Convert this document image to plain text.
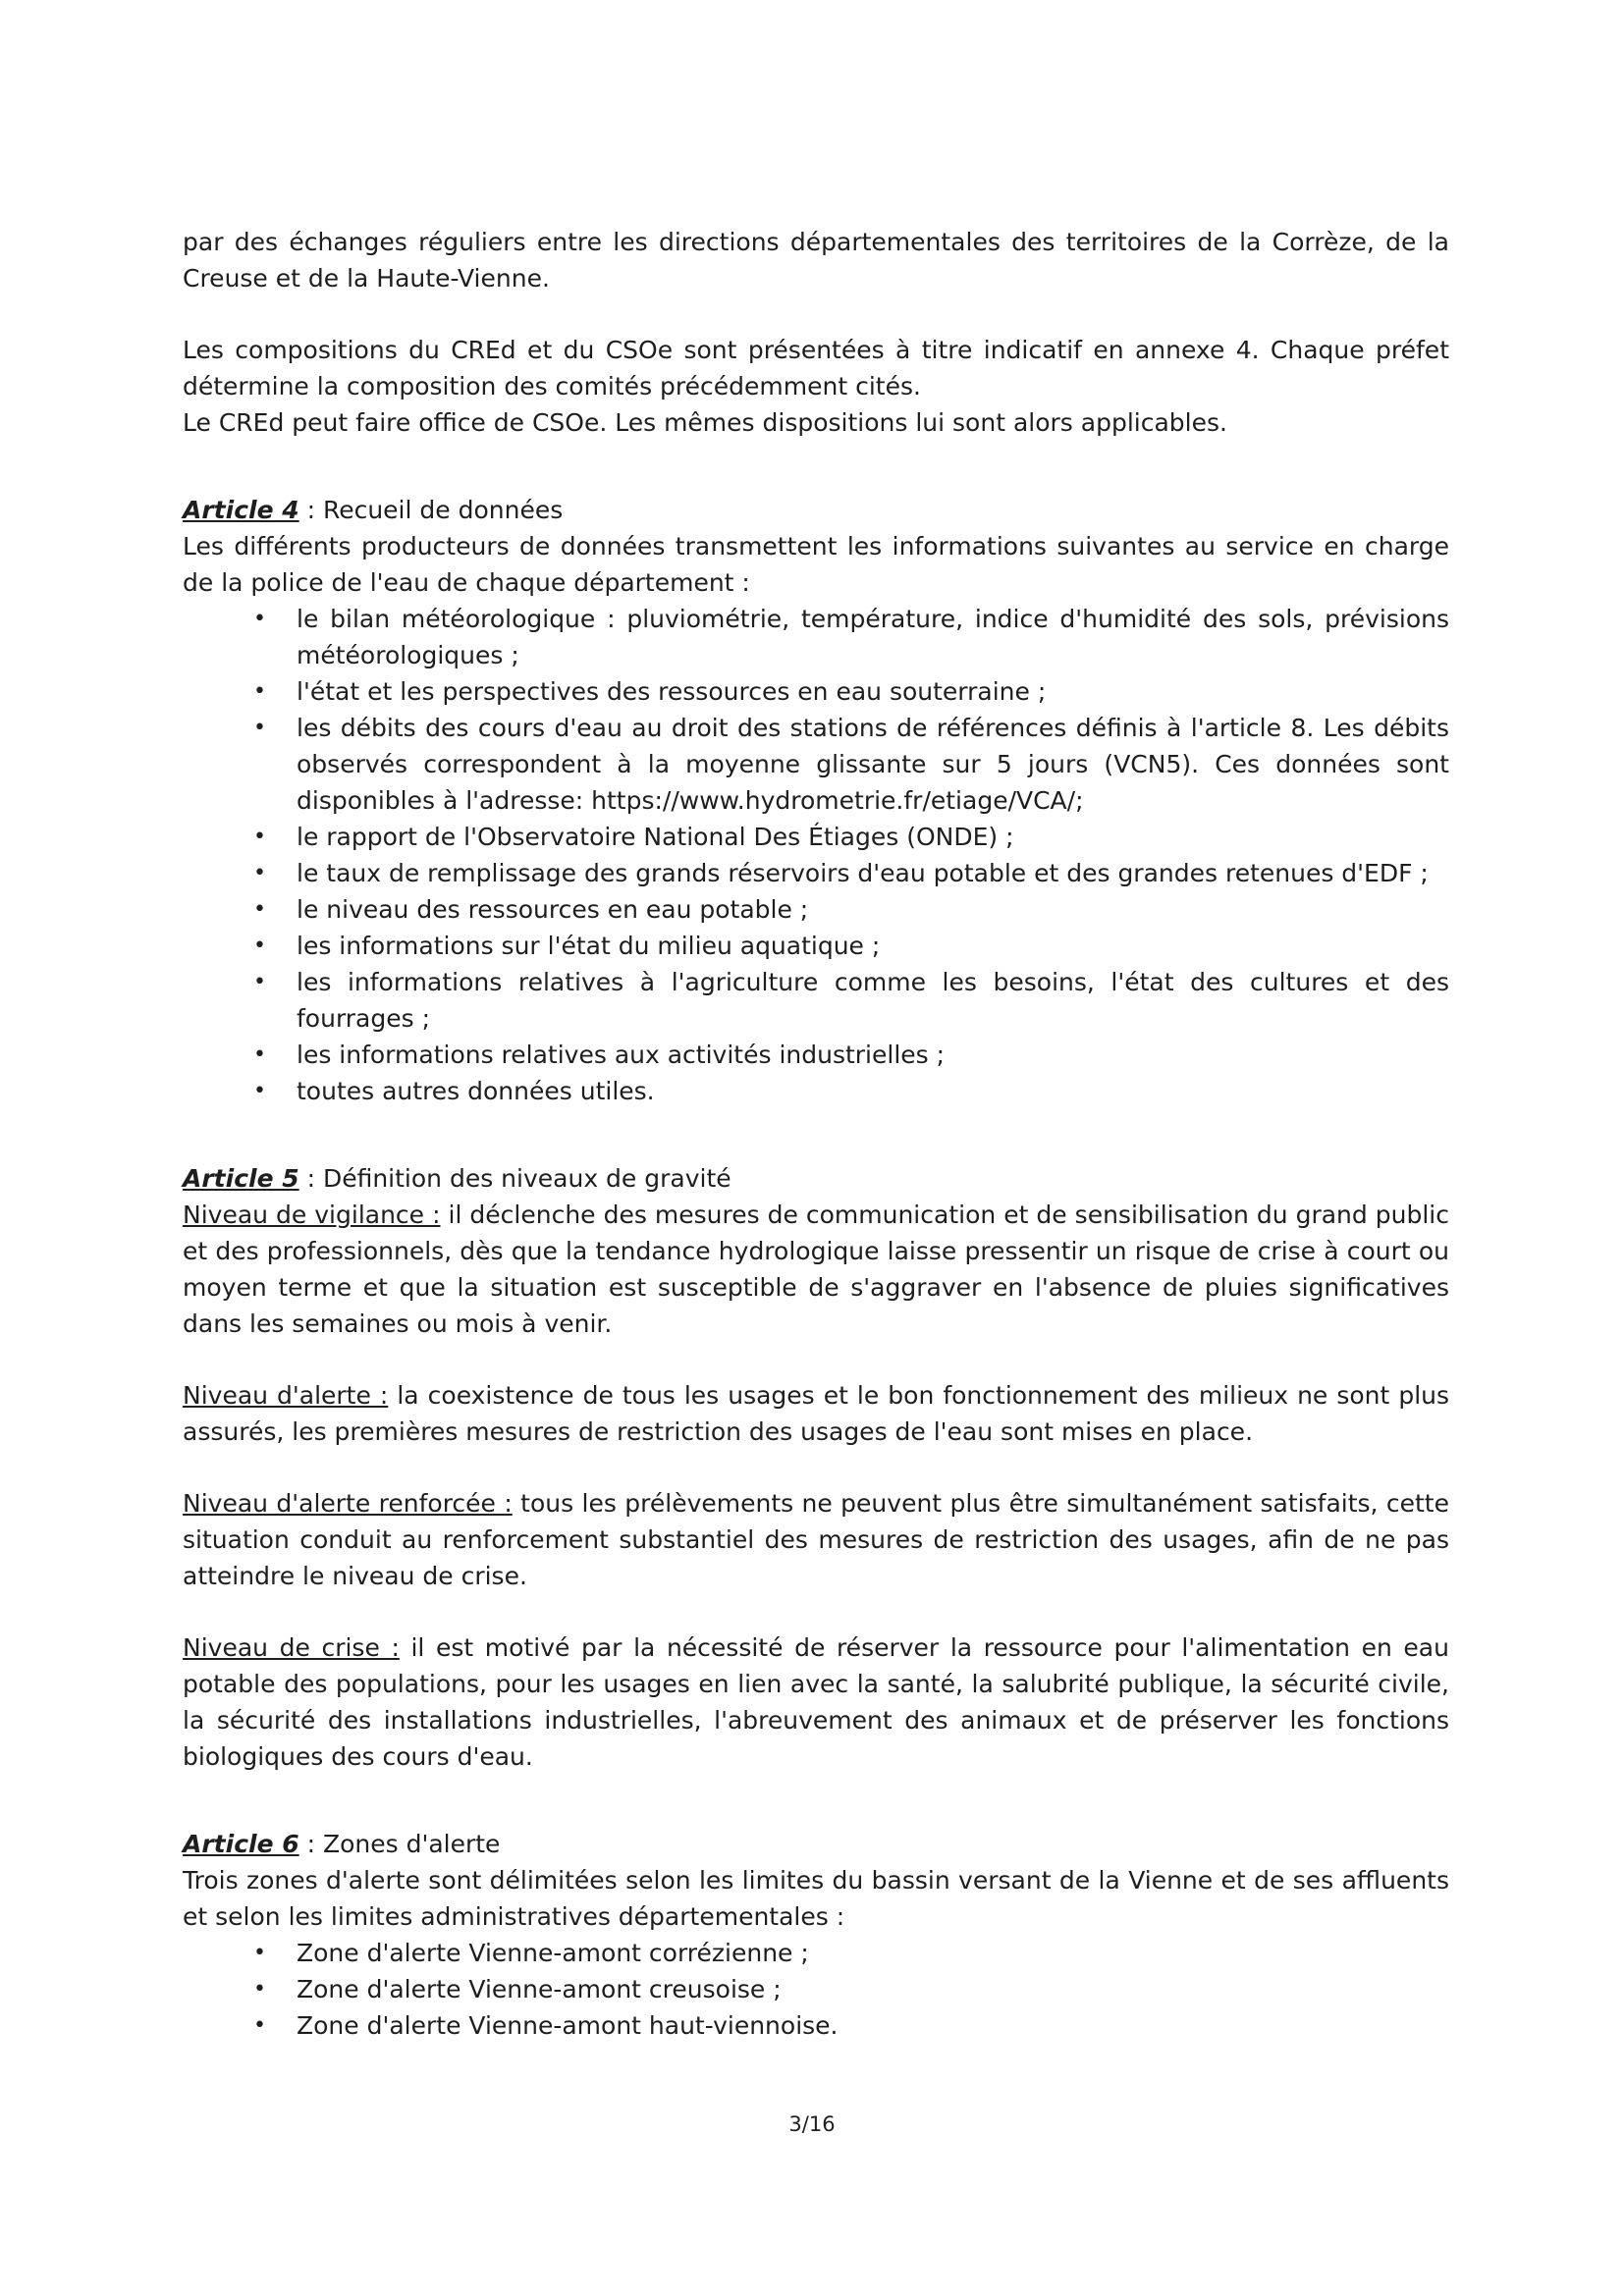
par des échanges réguliers entre les directions départementales des territoires de la Corrèze, de la Creuse et de la Haute-Vienne.

Les compositions du CREd et du CSOe sont présentées à titre indicatif en annexe 4. Chaque préfet détermine la composition des comités précédemment cités.

Le CREd peut faire office de CSOe. Les mêmes dispositions lui sont alors applicables.

Article 4 : Recueil de données

Les différents producteurs de données transmettent les informations suivantes au service en charge de la police de l'eau de chaque département :

• le bilan météorologique : pluviométrie, température, indice d'humidité des sols, prévisions météorologiques ;
• l'état et les perspectives des ressources en eau souterraine ;
• les débits des cours d'eau au droit des stations de références définis à l'article 8. Les débits observés correspondent à la moyenne glissante sur 5 jours (VCN5). Ces données sont disponibles à l'adresse: https://www.hydrometrie.fr/etiage/VCA/;
• le rapport de l'Observatoire National Des Étiages (ONDE) ;
• le taux de remplissage des grands réservoirs d'eau potable et des grandes retenues d'EDF ;
• le niveau des ressources en eau potable ;
• les informations sur l'état du milieu aquatique ;
• les informations relatives à l'agriculture comme les besoins, l'état des cultures et des fourrages ;
• les informations relatives aux activités industrielles ;
• toutes autres données utiles.

Article 5 : Définition des niveaux de gravité

Niveau de vigilance : il déclenche des mesures de communication et de sensibilisation du grand public et des professionnels, dès que la tendance hydrologique laisse pressentir un risque de crise à court ou moyen terme et que la situation est susceptible de s'aggraver en l'absence de pluies significatives dans les semaines ou mois à venir.

Niveau d'alerte : la coexistence de tous les usages et le bon fonctionnement des milieux ne sont plus assurés, les premières mesures de restriction des usages de l'eau sont mises en place.

Niveau d'alerte renforcée : tous les prélèvements ne peuvent plus être simultanément satisfaits, cette situation conduit au renforcement substantiel des mesures de restriction des usages, afin de ne pas atteindre le niveau de crise.

Niveau de crise : il est motivé par la nécessité de réserver la ressource pour l'alimentation en eau potable des populations, pour les usages en lien avec la santé, la salubrité publique, la sécurité civile, la sécurité des installations industrielles, l'abreuvement des animaux et de préserver les fonctions biologiques des cours d'eau.

Article 6 : Zones d'alerte

Trois zones d'alerte sont délimitées selon les limites du bassin versant de la Vienne et de ses affluents et selon les limites administratives départementales :

• Zone d'alerte Vienne-amont corrézienne ;
• Zone d'alerte Vienne-amont creusoise ;
• Zone d'alerte Vienne-amont haut-viennoise.
3/16
